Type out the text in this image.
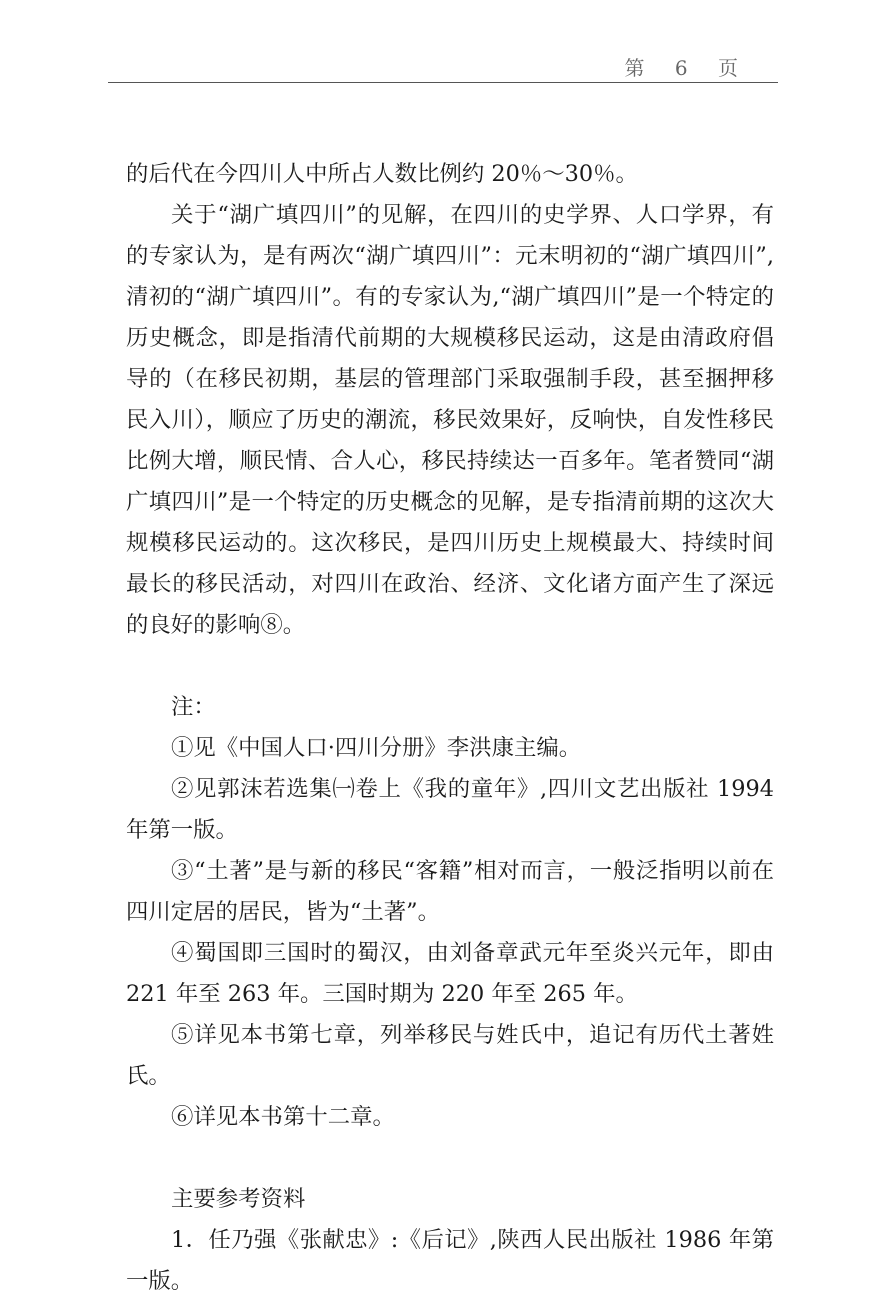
第 6 页

的后代在今四川人中所占人数比例约 20％～30％。

关于“湖广填四川”的见解，在四川的史学界、人口学界，有的专家认为，是有两次“湖广填四川”：元末明初的“湖广填四川”,清初的“湖广填四川”。有的专家认为,“湖广填四川”是一个特定的历史概念，即是指清代前期的大规模移民运动，这是由清政府倡导的（在移民初期，基层的管理部门采取强制手段，甚至捆押移民入川），顺应了历史的潮流，移民效果好，反响快，自发性移民比例大增，顺民情、合人心，移民持续达一百多年。笔者赞同“湖广填四川”是一个特定的历史概念的见解，是专指清前期的这次大规模移民运动的。这次移民，是四川历史上规模最大、持续时间最长的移民活动，对四川在政治、经济、文化诸方面产生了深远的良好的影响⑧。

注：

①见《中国人口·四川分册》李洪康主编。

②见郭沫若选集㈠卷上《我的童年》,四川文艺出版社 1994 年第一版。

③“土著”是与新的移民“客籍”相对而言，一般泛指明以前在四川定居的居民，皆为“土著”。

④蜀国即三国时的蜀汉，由刘备章武元年至炎兴元年，即由 221 年至 263 年。三国时期为 220 年至 265 年。

⑤详见本书第七章，列举移民与姓氏中，追记有历代土著姓氏。

⑥详见本书第十二章。

主要参考资料

1．任乃强《张献忠》:《后记》,陕西人民出版社 1986 年第一版。
